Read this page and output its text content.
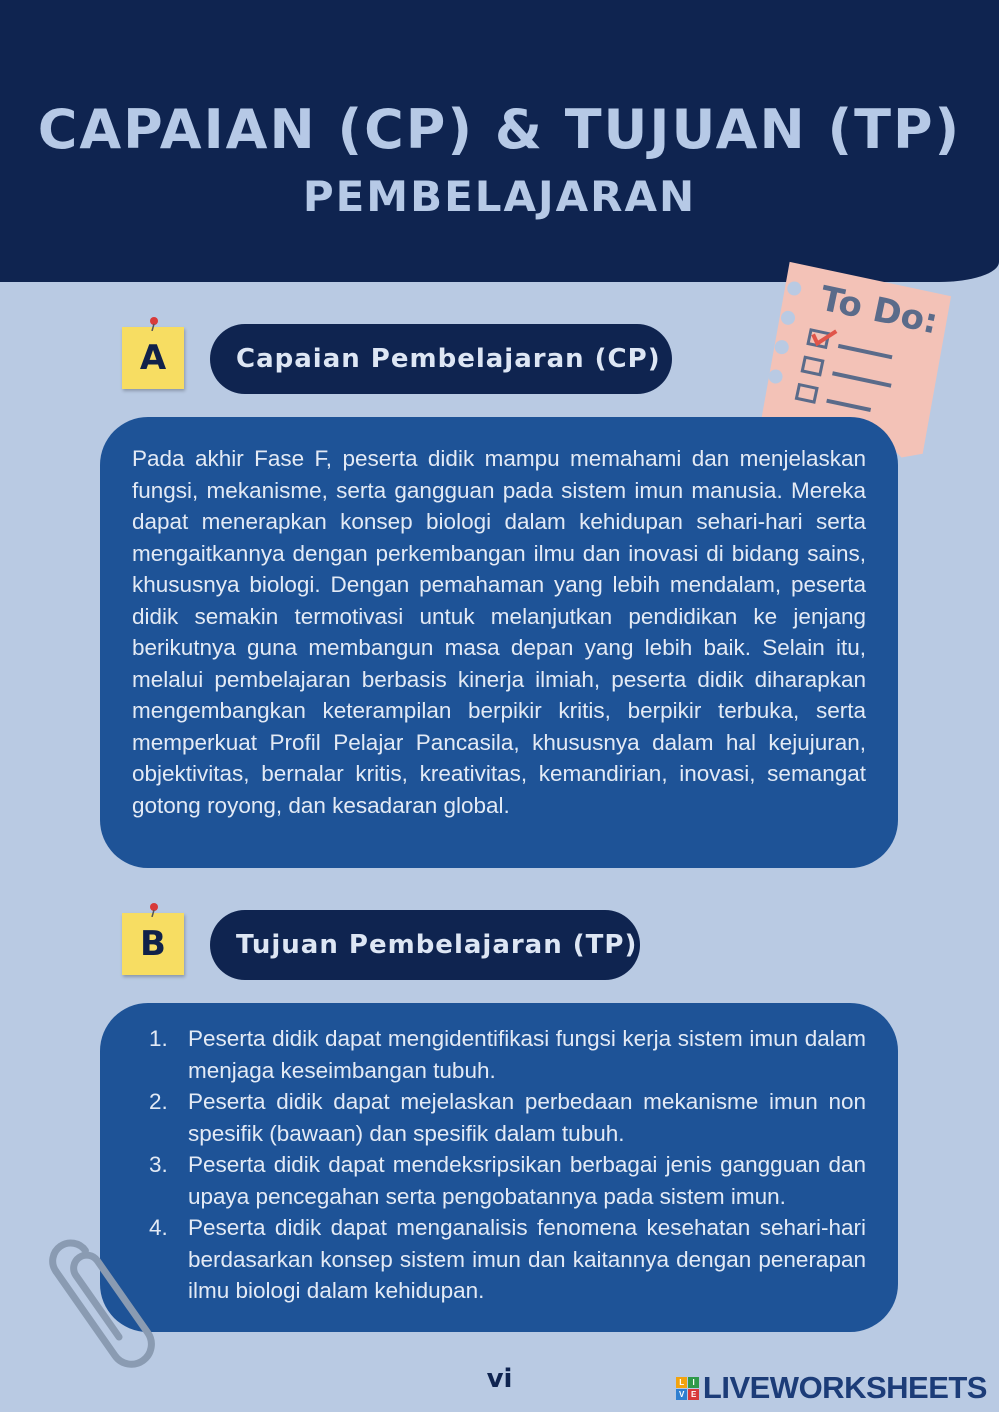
CAPAIAN (CP) & TUJUAN (TP)
PEMBELAJARAN
To Do:
A	Capaian Pembelajaran (CP)

Pada akhir Fase F, peserta didik mampu memahami dan menjelaskan fungsi, mekanisme, serta gangguan pada sistem imun manusia. Mereka dapat menerapkan konsep biologi dalam kehidupan sehari-hari serta mengaitkannya dengan perkembangan ilmu dan inovasi di bidang sains, khususnya biologi. Dengan pemahaman yang lebih mendalam, peserta didik semakin termotivasi untuk melanjutkan pendidikan ke jenjang berikutnya guna membangun masa depan yang lebih baik. Selain itu, melalui pembelajaran berbasis kinerja ilmiah, peserta didik diharapkan mengembangkan keterampilan berpikir kritis, berpikir terbuka, serta memperkuat Profil Pelajar Pancasila, khususnya dalam hal kejujuran, objektivitas, bernalar kritis, kreativitas, kemandirian, inovasi, semangat gotong royong, dan kesadaran global.

B	Tujuan Pembelajaran (TP)
1. Peserta didik dapat mengidentifikasi fungsi kerja sistem imun dalam menjaga keseimbangan tubuh.
2. Peserta didik dapat mejelaskan perbedaan mekanisme imun non spesifik (bawaan) dan spesifik dalam tubuh.
3. Peserta didik dapat mendeksripsikan berbagai jenis gangguan dan upaya pencegahan serta pengobatannya pada sistem imun.
4. Peserta didik dapat menganalisis fenomena kesehatan sehari-hari berdasarkan konsep sistem imun dan kaitannya dengan penerapan ilmu biologi dalam kehidupan.
vi	L	I
V E LIVEWORKSHEETS
